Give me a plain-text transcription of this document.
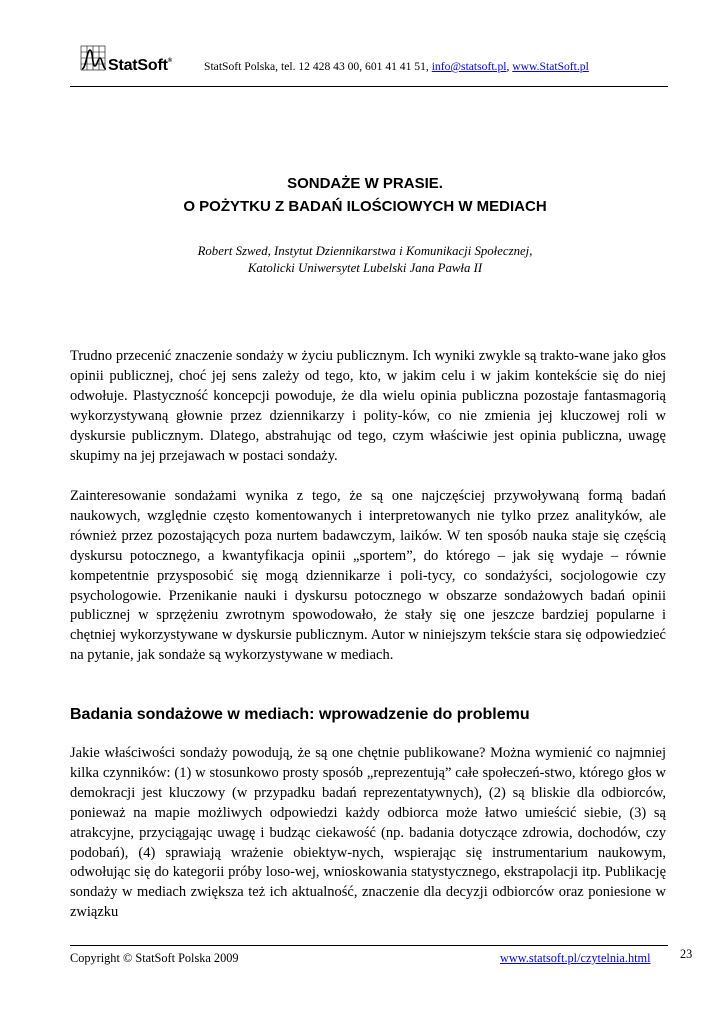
StatSoft®	StatSoft Polska, tel. 12 428 43 00, 601 41 41 51, info@statsoft.pl, www.StatSoft.pl
SONDAŻE W PRASIE.
O POŻYTKU Z BADAŃ ILOŚCIOWYCH W MEDIACH
Robert Szwed, Instytut Dziennikarstwa i Komunikacji Społecznej,
Katolicki Uniwersytet Lubelski Jana Pawła II
Trudno przecenić znaczenie sondaży w życiu publicznym. Ich wyniki zwykle są trakto-wane jako głos opinii publicznej, choć jej sens zależy od tego, kto, w jakim celu i w jakim kontekście się do niej odwołuje. Plastyczność koncepcji powoduje, że dla wielu opinia publiczna pozostaje fantasmagorią wykorzystywaną głownie przez dziennikarzy i polity-ków, co nie zmienia jej kluczowej roli w dyskursie publicznym. Dlatego, abstrahując od tego, czym właściwie jest opinia publiczna, uwagę skupimy na jej przejawach w postaci sondaży.
Zainteresowanie sondażami wynika z tego, że są one najczęściej przywoływaną formą badań naukowych, względnie często komentowanych i interpretowanych nie tylko przez analityków, ale również przez pozostających poza nurtem badawczym, laików. W ten sposób nauka staje się częścią dyskursu potocznego, a kwantyfikacja opinii „sportem”, do którego – jak się wydaje – równie kompetentnie przysposobić się mogą dziennikarze i poli-tycy, co sondażyści, socjologowie czy psychologowie. Przenikanie nauki i dyskursu potocznego w obszarze sondażowych badań opinii publicznej w sprzężeniu zwrotnym spowodowało, że stały się one jeszcze bardziej popularne i chętniej wykorzystywane w dyskursie publicznym. Autor w niniejszym tekście stara się odpowiedzieć na pytanie, jak sondaże są wykorzystywane w mediach.
Badania sondażowe w mediach: wprowadzenie do problemu
Jakie właściwości sondaży powodują, że są one chętnie publikowane? Można wymienić co najmniej kilka czynników: (1) w stosunkowo prosty sposób „reprezentują” całe społeczeń-stwo, którego głos w demokracji jest kluczowy (w przypadku badań reprezentatywnych), (2) są bliskie dla odbiorców, ponieważ na mapie możliwych odpowiedzi każdy odbiorca może łatwo umieścić siebie, (3) są atrakcyjne, przyciągając uwagę i budząc ciekawość (np. badania dotyczące zdrowia, dochodów, czy podobań), (4) sprawiają wrażenie obiektyw-nych, wspierając się instrumentarium naukowym, odwołując się do kategorii próby loso-wej, wnioskowania statystycznego, ekstrapolacji itp. Publikację sondaży w mediach zwiększa też ich aktualność, znaczenie dla decyzji odbiorców oraz poniesione w związku
Copyright © StatSoft Polska 2009	www.statsoft.pl/czytelnia.html 23
